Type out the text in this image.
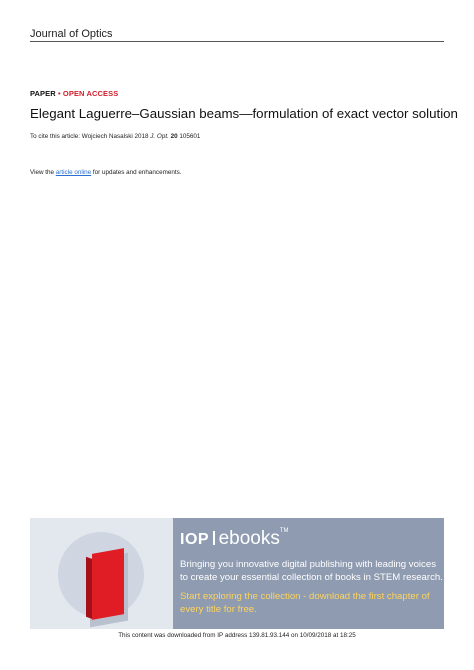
Journal of Optics
PAPER • OPEN ACCESS
Elegant Laguerre–Gaussian beams—formulation of exact vector solution
To cite this article: Wojciech Nasalski 2018 J. Opt. 20 105601
View the article online for updates and enhancements.
IOP ebooks™
Bringing you innovative digital publishing with leading voices
to create your essential collection of books in STEM research.
Start exploring the collection - download the first chapter of
every title for free.
This content was downloaded from IP address 139.81.93.144 on 10/09/2018 at 18:25
